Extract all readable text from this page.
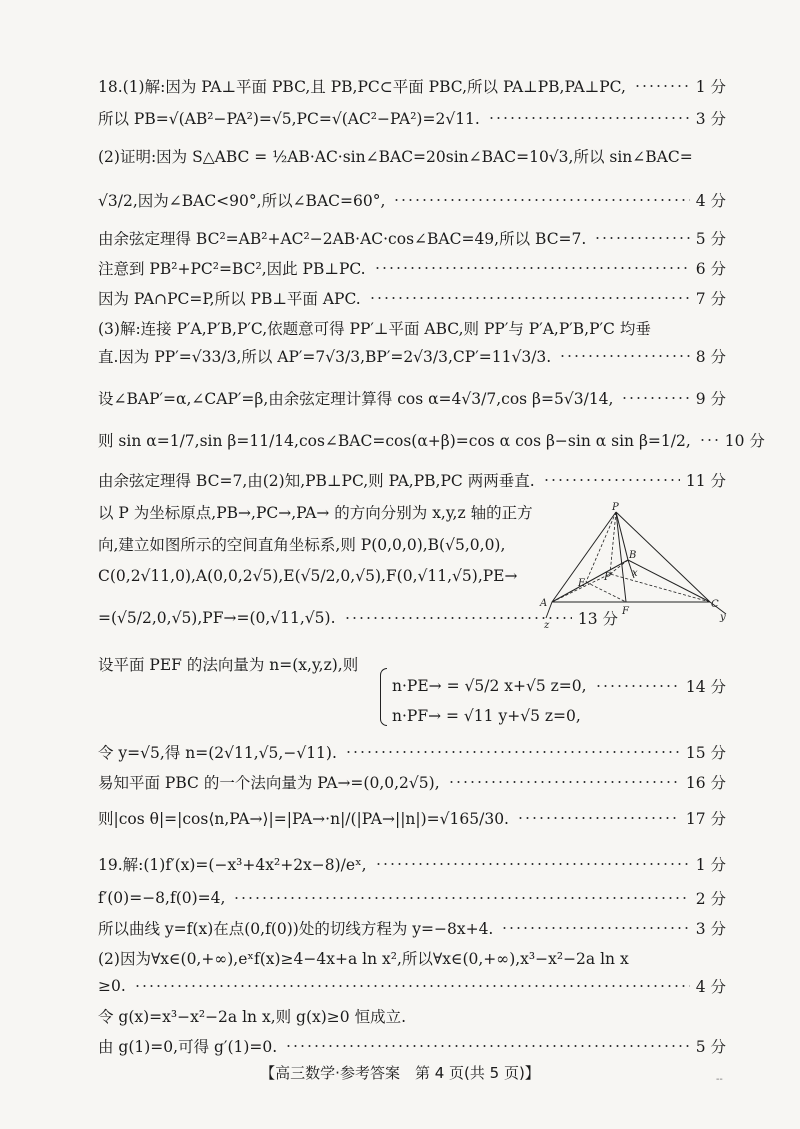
18.(1)解:因为 PA⊥平面 PBC,且 PB,PC⊂平面 PBC,所以 PA⊥PB,PA⊥PC,	1 分
所以 PB=√(AB²−PA²)=√5,PC=√(AC²−PA²)=2√11.	3 分
(2)证明:因为 S△ABC = ½AB·AC·sin∠BAC=20sin∠BAC=10√3,所以 sin∠BAC=
√3/2,因为∠BAC<90°,所以∠BAC=60°,	4 分
由余弦定理得 BC²=AB²+AC²−2AB·AC·cos∠BAC=49,所以 BC=7.	5 分
注意到 PB²+PC²=BC²,因此 PB⊥PC.	6 分
因为 PA∩PC=P,所以 PB⊥平面 APC.	7 分
(3)解:连接 P′A,P′B,P′C,依题意可得 PP′⊥平面 ABC,则 PP′与 P′A,P′B,P′C 均垂
直.因为 PP′=√33/3,所以 AP′=7√3/3,BP′=2√3/3,CP′=11√3/3.	8 分
设∠BAP′=α,∠CAP′=β,由余弦定理计算得 cos α=4√3/7,cos β=5√3/14,	9 分
则 sin α=1/7,sin β=11/14,cos∠BAC=cos(α+β)=cos α cos β−sin α sin β=1/2, 10 分
由余弦定理得 BC=7,由(2)知,PB⊥PC,则 PA,PB,PC 两两垂直.	11 分
以 P 为坐标原点,PB→,PC→,PA→ 的方向分别为 x,y,z 轴的正方
向,建立如图所示的空间直角坐标系,则 P(0,0,0),B(√5,0,0),
C(0,2√11,0),A(0,0,2√5),E(√5/2,0,√5),F(0,√11,√5),PE→
=(√5/2,0,√5),PF→=(0,√11,√5).	13 分
设平面 PEF 的法向量为 n=(x,y,z),则
n·PE→ = √5/2 x+√5 z=0,	14 分
n·PF→ = √11 y+√5 z=0,
令 y=√5,得 n=(2√11,√5,−√11).	15 分
易知平面 PBC 的一个法向量为 PA→=(0,0,2√5),	16 分
则|cos θ|=|cos⟨n,PA→⟩|=|PA→·n|/(|PA→||n|)=√165/30.	17 分
19.解:(1)f′(x)=(−x³+4x²+2x−8)/eˣ,	1 分
f′(0)=−8,f(0)=4,	2 分
所以曲线 y=f(x)在点(0,f(0))处的切线方程为 y=−8x+4.	3 分
(2)因为∀x∈(0,+∞),eˣf(x)≥4−4x+a ln x²,所以∀x∈(0,+∞),x³−x²−2a ln x
≥0.	4 分
令 g(x)=x³−x²−2a ln x,则 g(x)≥0 恒成立.
由 g(1)=0,可得 g′(1)=0.	5 分
P
A
B
C
E
F
P′ x
y
z
【高三数学·参考答案　第 4 页(共 5 页)】	--
